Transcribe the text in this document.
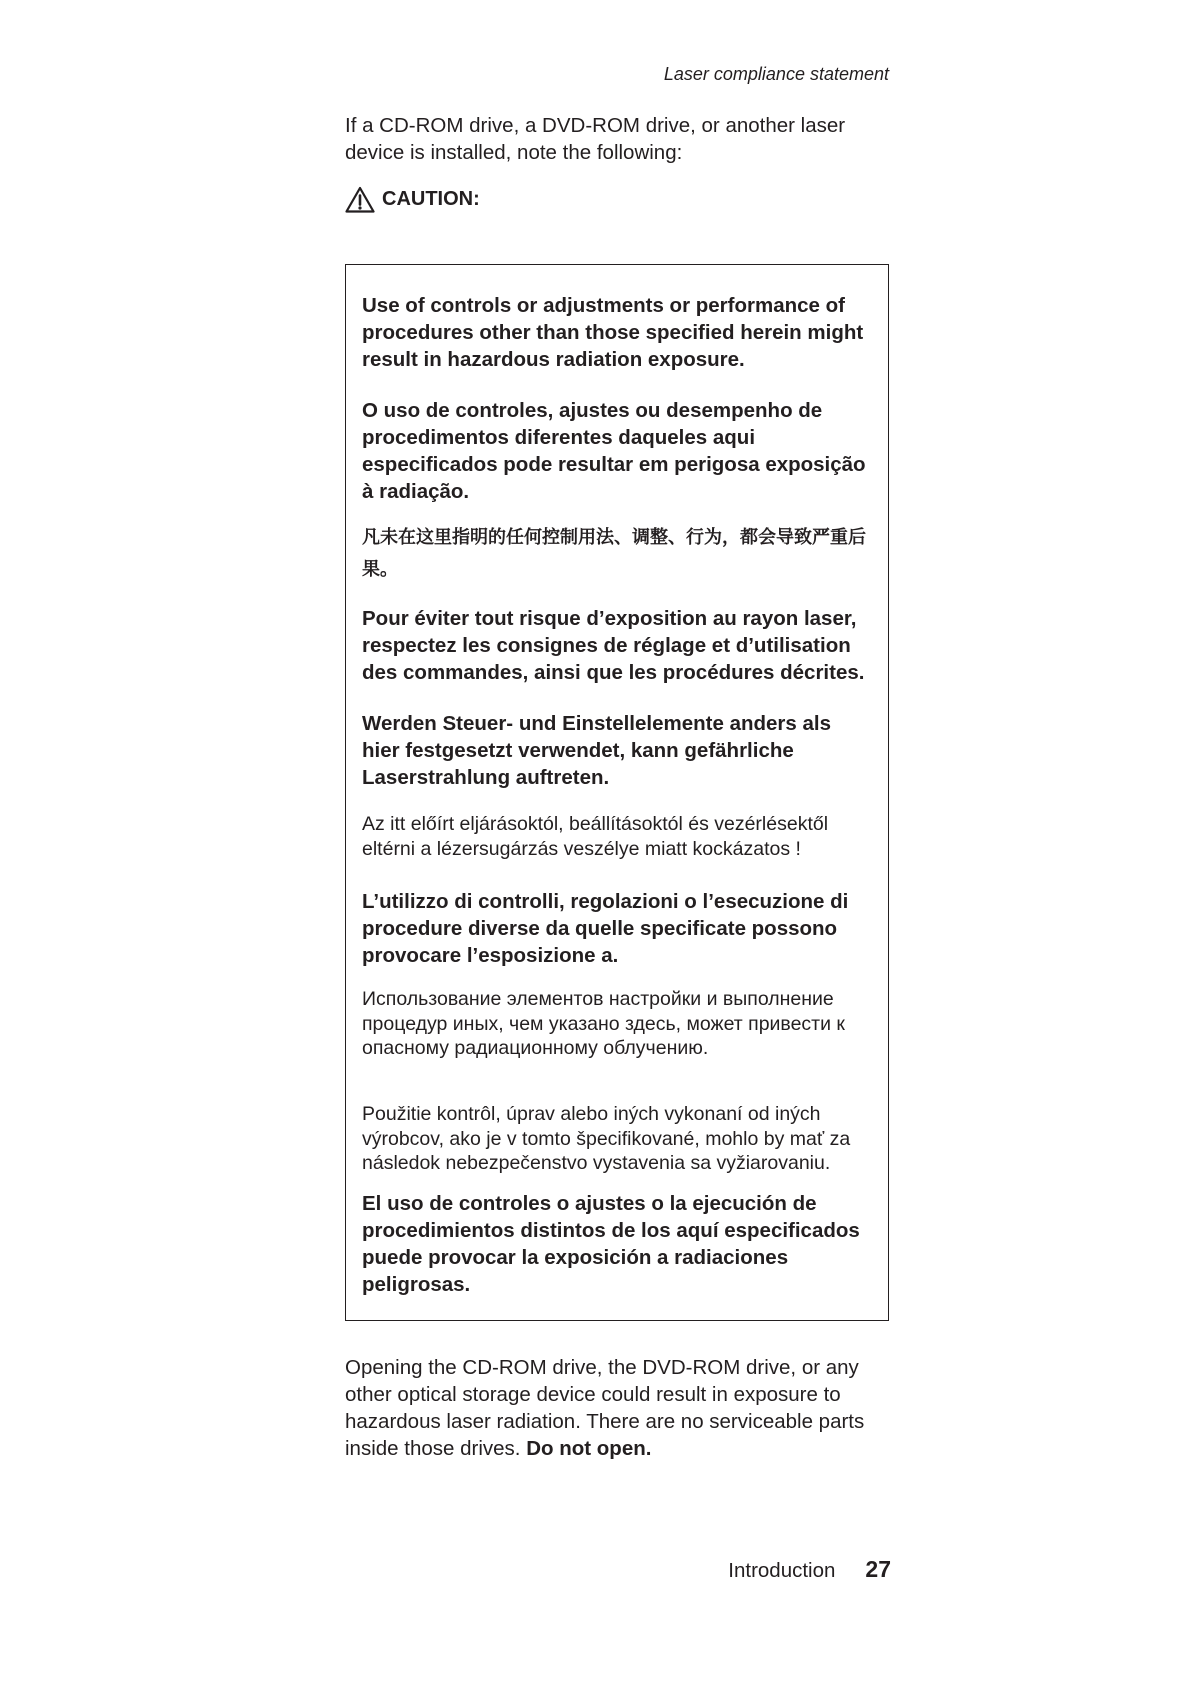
Laser compliance statement

If a CD-ROM drive, a DVD-ROM drive, or another laser device is installed, note the following:

CAUTION:

Use of controls or adjustments or performance of procedures other than those specified herein might result in hazardous radiation exposure.

O uso de controles, ajustes ou desempenho de procedimentos diferentes daqueles aqui especificados pode resultar em perigosa exposição à radiação.

凡未在这里指明的任何控制用法、调整、行为，都会导致严重后果。

Pour éviter tout risque d’exposition au rayon laser, respectez les consignes de réglage et d’utilisation des commandes, ainsi que les procédures décrites.

Werden Steuer- und Einstellelemente anders als hier festgesetzt verwendet, kann gefährliche Laserstrahlung auftreten.

Az itt előírt eljárásoktól, beállításoktól és vezérlésektől eltérni a lézersugárzás veszélye miatt kockázatos !

L’utilizzo di controlli, regolazioni o l’esecuzione di procedure diverse da quelle specificate possono provocare l’esposizione a.

Использование элементов настройки и выполнение процедур иных, чем указано здесь, может привести к опасному радиационному облучению.

Použitie kontrôl, úprav alebo iných vykonaní od iných výrobcov, ako je v tomto špecifikované, mohlo by mať za následok nebezpečenstvo vystavenia sa vyžiarovaniu.

El uso de controles o ajustes o la ejecución de procedimientos distintos de los aquí especificados puede provocar la exposición a radiaciones peligrosas.

Opening the CD-ROM drive, the DVD-ROM drive, or any other optical storage device could result in exposure to hazardous laser radiation. There are no serviceable parts inside those drives. Do not open.

Introduction 27
